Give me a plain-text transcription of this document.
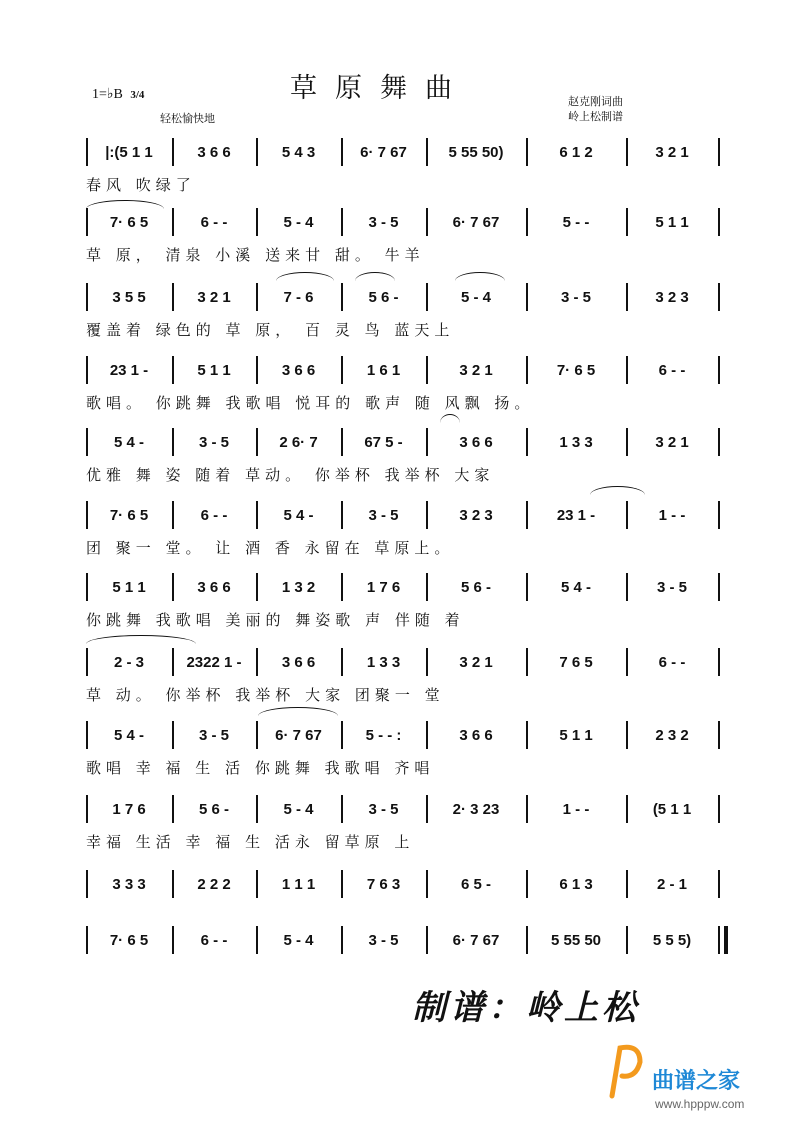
草原舞曲
1=♭B 3/4
轻松愉快地
赵克刚词曲
岭上松制谱
|:(5 1 1	3 6 6	5 4 3	6· 7 67	5 55 50)	6 1 2	3 2 1
春风 吹绿了
7· 6 5	6 - -	5 - 4	3 - 5	6· 7 67	5 - -	5 1 1
草 原， 清泉 小溪 送来甘 甜。 牛羊
3 5 5	3 2 1	7 - 6	5 6 -	5 - 4	3 - 5	3 2 3
覆盖着 绿色的 草 原， 百 灵 鸟 蓝天上
23 1 -	5 1 1	3 6 6	1 6 1	3 2 1	7· 6 5	6 - -
歌唱。 你跳舞 我歌唱 悦耳的 歌声 随 风飘 扬。
5 4 -	3 - 5	2 6· 7	67 5 -	3 6 6	1 3 3	3 2 1
优雅 舞 姿 随着 草动。 你举杯 我举杯 大家
7· 6 5	6 - -	5 4 -	3 - 5	3 2 3	23 1 -	1 - -
团 聚一 堂。 让 酒 香 永留在 草原上。
5 1 1	3 6 6	1 3 2	1 7 6	5 6 -	5 4 -	3 - 5
你跳舞 我歌唱 美丽的 舞姿歌 声 伴随 着
2 - 3	2322 1 -	3 6 6	1 3 3	3 2 1	7 6 5	6 - -
草 动。 你举杯 我举杯 大家 团聚一 堂
5 4 -	3 - 5	6· 7 67	5 - - :	3 6 6	5 1 1	2 3 2
歌唱 幸 福 生 活 你跳舞 我歌唱 齐唱
1 7 6	5 6 -	5 - 4	3 - 5	2· 3 23	1 - -	(5 1 1
幸福 生活 幸 福 生 活永 留草原 上
3 3 3	2 2 2	1 1 1	7 6 3	6 5 -	6 1 3	2 - 1
7· 6 5	6 - -	5 - 4	3 - 5	6· 7 67	5 55 50	5 5 5)
制谱：岭上松
曲谱之家
www.hpppw.com
